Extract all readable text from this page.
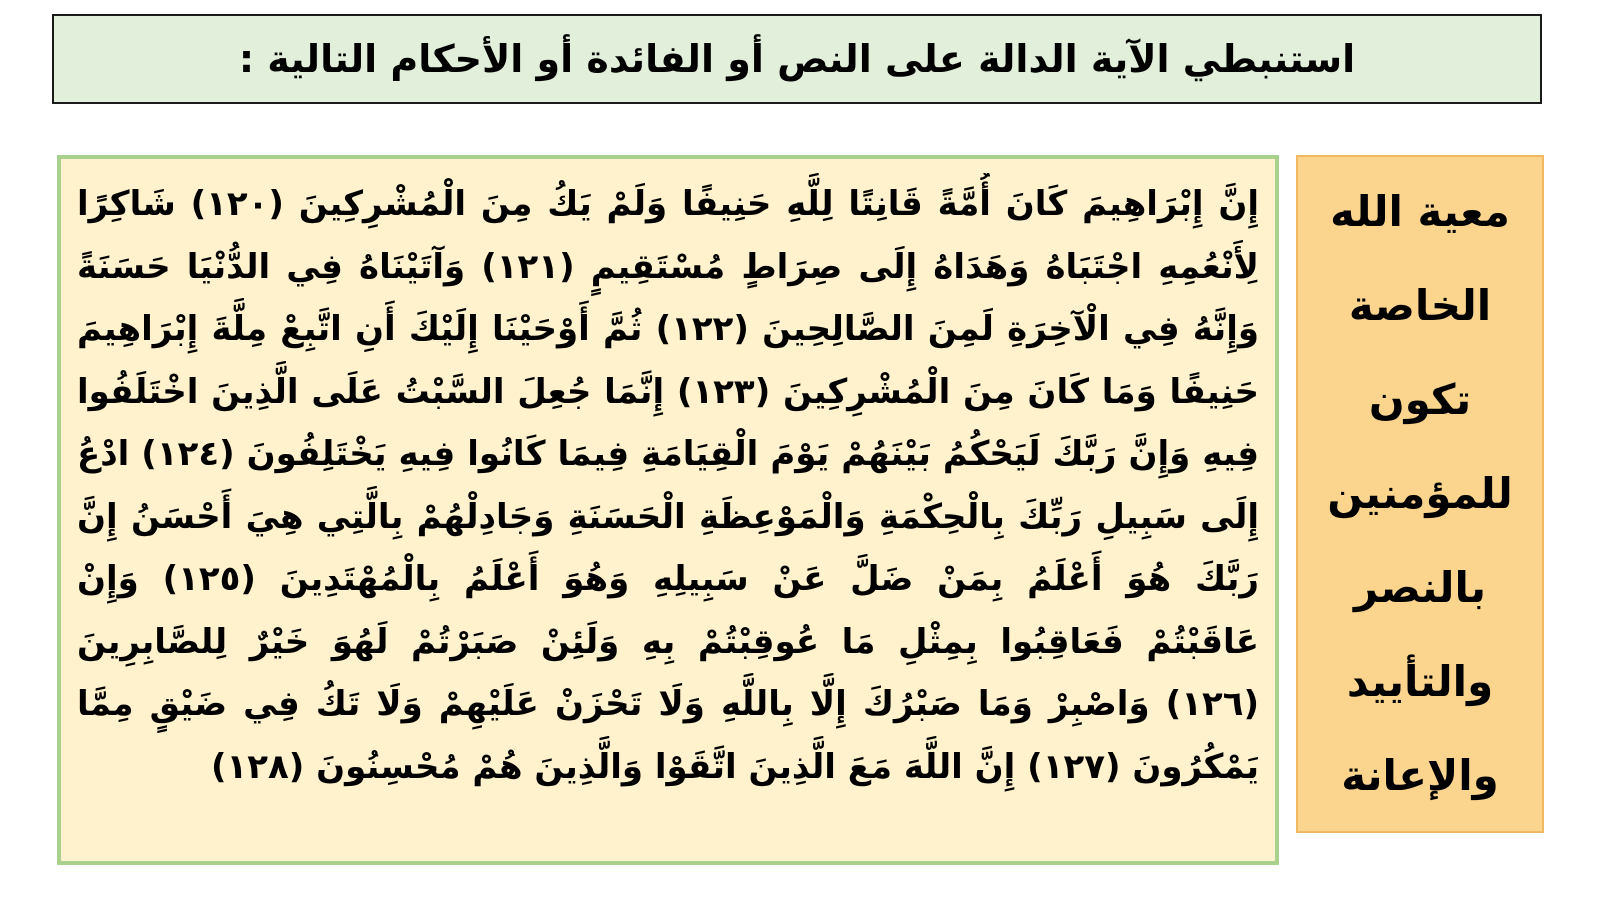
استنبطي الآية الدالة على النص أو الفائدة أو الأحكام التالية :
إِنَّ إِبْرَاهِيمَ كَانَ أُمَّةً قَانِتًا لِلَّهِ حَنِيفًا وَلَمْ يَكُ مِنَ الْمُشْرِكِينَ (١٢٠) شَاكِرًا
لِأَنْعُمِهِ اجْتَبَاهُ وَهَدَاهُ إِلَى صِرَاطٍ مُسْتَقِيمٍ (١٢١) وَآتَيْنَاهُ فِي الدُّنْيَا حَسَنَةً
وَإِنَّهُ فِي الْآخِرَةِ لَمِنَ الصَّالِحِينَ (١٢٢) ثُمَّ أَوْحَيْنَا إِلَيْكَ أَنِ اتَّبِعْ مِلَّةَ إِبْرَاهِيمَ
حَنِيفًا وَمَا كَانَ مِنَ الْمُشْرِكِينَ (١٢٣) إِنَّمَا جُعِلَ السَّبْتُ عَلَى الَّذِينَ اخْتَلَفُوا
فِيهِ وَإِنَّ رَبَّكَ لَيَحْكُمُ بَيْنَهُمْ يَوْمَ الْقِيَامَةِ فِيمَا كَانُوا فِيهِ يَخْتَلِفُونَ (١٢٤) ادْعُ
إِلَى سَبِيلِ رَبِّكَ بِالْحِكْمَةِ وَالْمَوْعِظَةِ الْحَسَنَةِ وَجَادِلْهُمْ بِالَّتِي هِيَ أَحْسَنُ إِنَّ
رَبَّكَ هُوَ أَعْلَمُ بِمَنْ ضَلَّ عَنْ سَبِيلِهِ وَهُوَ أَعْلَمُ بِالْمُهْتَدِينَ (١٢٥) وَإِنْ
عَاقَبْتُمْ فَعَاقِبُوا بِمِثْلِ مَا عُوقِبْتُمْ بِهِ وَلَئِنْ صَبَرْتُمْ لَهُوَ خَيْرٌ لِلصَّابِرِينَ
(١٢٦) وَاصْبِرْ وَمَا صَبْرُكَ إِلَّا بِاللَّهِ وَلَا تَحْزَنْ عَلَيْهِمْ وَلَا تَكُ فِي ضَيْقٍ مِمَّا
يَمْكُرُونَ (١٢٧) إِنَّ اللَّهَ مَعَ الَّذِينَ اتَّقَوْا وَالَّذِينَ هُمْ مُحْسِنُونَ (١٢٨)
معية الله
الخاصة
تكون
للمؤمنين
بالنصر
والتأييد
والإعانة
